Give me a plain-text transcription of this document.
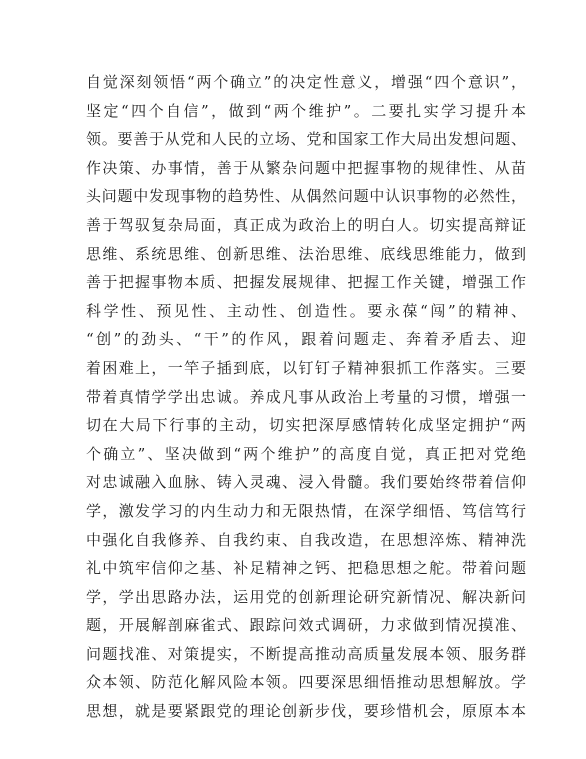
自觉深刻领悟“两个确立”的决定性意义，增强“四个意识”，
坚定“四个自信”，做到“两个维护”。二要扎实学习提升本
领。要善于从党和人民的立场、党和国家工作大局出发想问题、
作决策、办事情，善于从繁杂问题中把握事物的规律性、从苗
头问题中发现事物的趋势性、从偶然问题中认识事物的必然性，
善于驾驭复杂局面，真正成为政治上的明白人。切实提高辩证
思维、系统思维、创新思维、法治思维、底线思维能力，做到
善于把握事物本质、把握发展规律、把握工作关键，增强工作
科学性、预见性、主动性、创造性。要永葆“闯”的精神、
“创”的劲头、“干”的作风，跟着问题走、奔着矛盾去、迎
着困难上，一竿子插到底，以钉钉子精神狠抓工作落实。三要
带着真情学学出忠诚。养成凡事从政治上考量的习惯，增强一
切在大局下行事的主动，切实把深厚感情转化成坚定拥护“两
个确立”、坚决做到“两个维护”的高度自觉，真正把对党绝
对忠诚融入血脉、铸入灵魂、浸入骨髓。我们要始终带着信仰
学，激发学习的内生动力和无限热情，在深学细悟、笃信笃行
中强化自我修养、自我约束、自我改造，在思想淬炼、精神洗
礼中筑牢信仰之基、补足精神之钙、把稳思想之舵。带着问题
学，学出思路办法，运用党的创新理论研究新情况、解决新问
题，开展解剖麻雀式、跟踪问效式调研，力求做到情况摸准、
问题找准、对策提实，不断提高推动高质量发展本领、服务群
众本领、防范化解风险本领。四要深思细悟推动思想解放。学
思想，就是要紧跟党的理论创新步伐，要珍惜机会，原原本本
